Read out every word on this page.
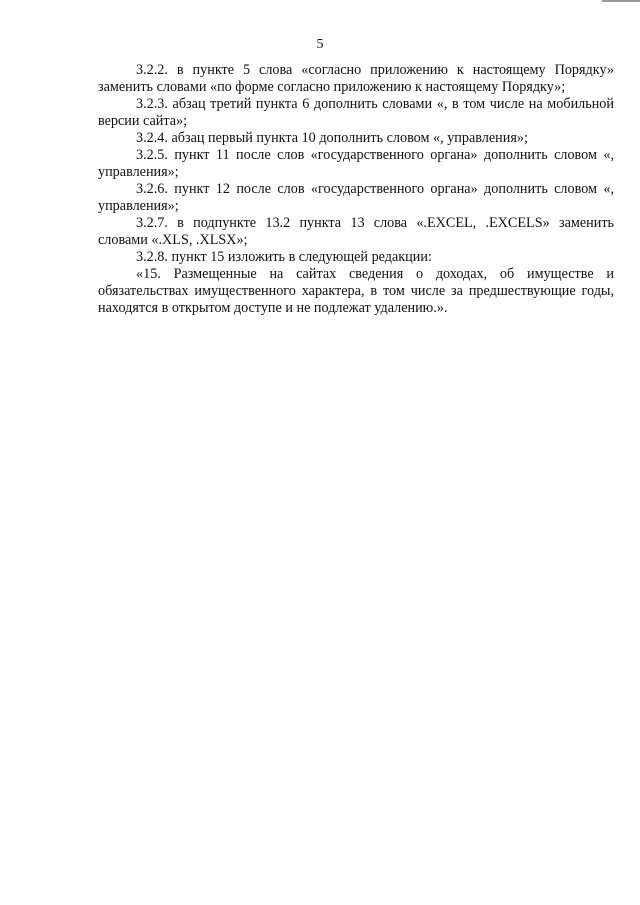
5

3.2.2. в пункте 5 слова «согласно приложению к настоящему Порядку» заменить словами «по форме согласно приложению к настоящему Порядку»;

3.2.3. абзац третий пункта 6 дополнить словами «, в том числе на мобильной версии сайта»;

3.2.4. абзац первый пункта 10 дополнить словом «, управления»;

3.2.5. пункт 11 после слов «государственного органа» дополнить словом «, управления»;

3.2.6. пункт 12 после слов «государственного органа» дополнить словом «, управления»;

3.2.7. в подпункте 13.2 пункта 13 слова «.EXCEL, .EXCELS» заменить словами «.XLS, .XLSX»;

3.2.8. пункт 15 изложить в следующей редакции:

«15. Размещенные на сайтах сведения о доходах, об имуществе и обязательствах имущественного характера, в том числе за предшествующие годы, находятся в открытом доступе и не подлежат удалению.».
